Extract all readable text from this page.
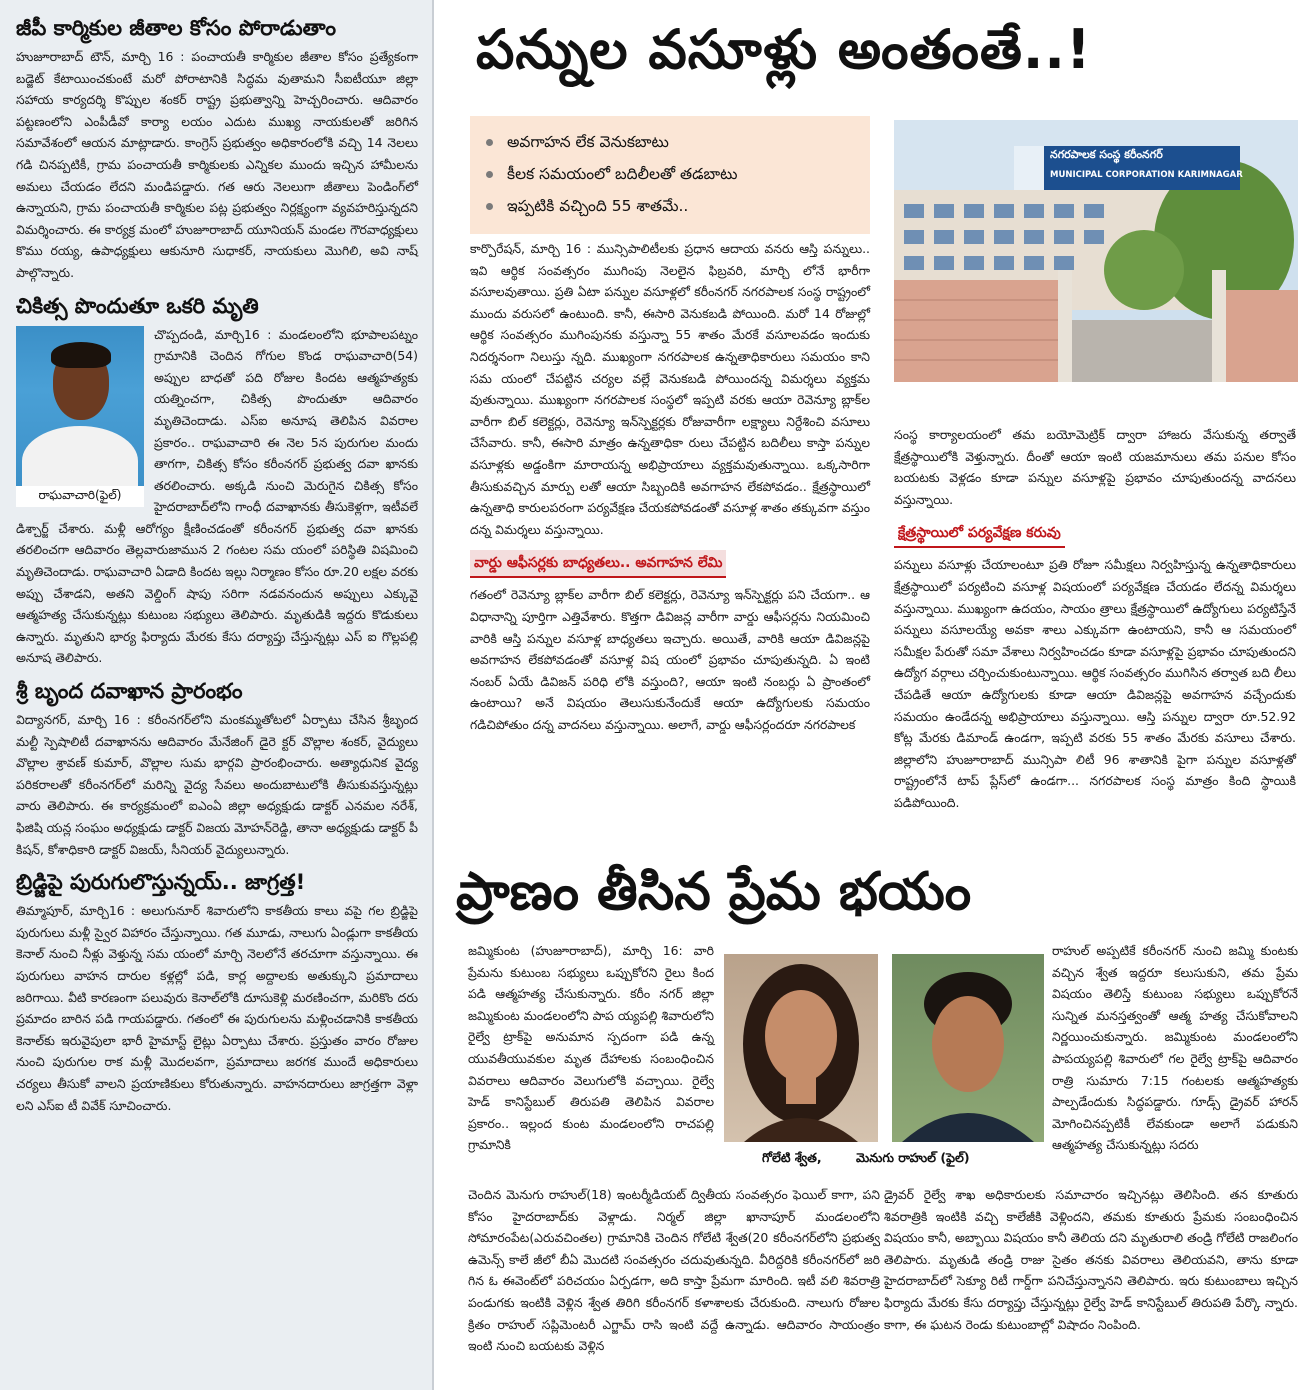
జీపీ కార్మికుల జీతాల కోసం పోరాడుతాం

హుజూరాబాద్ టౌన్, మార్చి 16 : పంచాయతీ కార్మికుల జీతాల కోసం ప్రత్యేకంగా బడ్జెట్ కేటాయించకుంటే మరో పోరాటానికి సిద్ధమ వుతామని సీఐటీయూ జిల్లా సహాయ కార్యదర్శి కొప్పుల శంకర్ రాష్ట్ర ప్రభుత్వాన్ని హెచ్చరించారు. ఆదివారం పట్టణంలోని ఎంపీడీవో కార్యా లయం ఎదుట ముఖ్య నాయకులతో జరిగిన సమావేశంలో ఆయన మాట్లాడారు. కాంగ్రెస్ ప్రభుత్వం అధికారంలోకి వచ్చి 14 నెలలు గడి చినప్పటికీ, గ్రామ పంచాయతీ కార్మికులకు ఎన్నికల ముందు ఇచ్చిన హామీలను అమలు చేయడం లేదని మండిపడ్డారు. గత ఆరు నెలలుగా జీతాలు పెండింగ్‌లో ఉన్నాయని, గ్రామ పంచాయతీ కార్మికుల పట్ల ప్రభుత్వం నిర్లక్ష్యంగా వ్యవహరిస్తున్నదని విమర్శించారు. ఈ కార్యక్ర మంలో హుజూరాబాద్ యూనియన్ మండల గౌరవాధ్యక్షులు కొము రయ్య, ఉపాధ్యక్షులు ఆకునూరి సుధాకర్, నాయకులు మొగిలి, అవి నాష్ పాల్గొన్నారు.

చికిత్స పొందుతూ ఒకరి మృతి
రాఘవాచారి(ఫైల్)

చొప్పదండి, మార్చి16 : మండలంలోని భూపాలపట్నం గ్రామానికి చెందిన గోగుల కొండ రాఘవాచారి(54) అప్పుల బాధతో పది రోజుల కిందట ఆత్మహత్యకు యత్నించగా, చికిత్స పొందుతూ ఆదివారం మృతిచెందాడు. ఎస్ఐ అనూష తెలిపిన వివరాల ప్రకారం.. రాఘవాచారి ఈ నెల 5న పురుగుల మందు తాగగా, చికిత్స కోసం కరీంనగర్ ప్రభుత్వ దవా ఖానకు తరలించారు. అక్కడి నుంచి మెరుగైన చికిత్స కోసం హైదరాబాద్‌లోని గాంధీ దవాఖానకు తీసుకెళ్లగా, ఇటీవలే డిశ్చార్జ్ చేశారు. మళ్లీ ఆరోగ్యం క్షీణించడంతో కరీంనగర్ ప్రభుత్వ దవా ఖానకు తరలించగా ఆదివారం తెల్లవారుజామున 2 గంటల సమ యంలో పరిస్థితి విషమించి మృతిచెందాడు. రాఘవాచారి ఏడాది కిందట ఇల్లు నిర్మాణం కోసం రూ.20 లక్షల వరకు అప్పు చేశాడని, అతని వెల్డింగ్ షాపు సరిగా నడవనందున అప్పులు ఎక్కువై ఆత్మహత్య చేసుకున్నట్లు కుటుంబ సభ్యులు తెలిపారు. మృతుడికి ఇద్దరు కొడుకులు ఉన్నారు. మృతుని భార్య ఫిర్యాదు మేరకు కేసు దర్యాప్తు చేస్తున్నట్లు ఎస్ ఐ గొల్లపల్లి అనూష తెలిపారు.

శ్రీ బృంద దవాఖాన ప్రారంభం

విద్యానగర్, మార్చి 16 : కరీంనగర్‌లోని మంకమ్మతోటలో ఏర్పాటు చేసిన శ్రీబృంద మల్టీ స్పెషాలిటీ దవాఖానను ఆదివారం మేనేజింగ్ డైరె క్టర్ వొల్లాల శంకర్, వైద్యులు వొల్లాల శ్రావణ్ కుమార్, వొల్లాల సుమ భార్గవి ప్రారంభించారు. అత్యాధునిక వైద్య పరికరాలతో కరీంనగర్‌లో మరిన్ని వైద్య సేవలు అందుబాటులోకి తీసుకువస్తున్నట్లు వారు తెలిపారు. ఈ కార్యక్రమంలో ఐఎంఏ జిల్లా అధ్యక్షుడు డాక్టర్ ఎనమల నరేశ్, ఫిజిషి యన్ల సంఘం అధ్యక్షుడు డాక్టర్ విజయ మోహన్‌రెడ్డి, తానా అధ్యక్షుడు డాక్టర్ పీ కిషన్, కోశాధికారి డాక్టర్ విజయ్, సీనియర్ వైద్యులున్నారు.

బ్రిడ్జిపై పురుగులొస్తున్నయ్.. జాగ్రత్త!

తిమ్మాపూర్, మార్చి16 : అలుగునూర్ శివారులోని కాకతీయ కాలు వపై గల బ్రిడ్జిపై పురుగులు మళ్లీ స్వైర విహారం చేస్తున్నాయి. గత మూడు, నాలుగు ఏండ్లుగా కాకతీయ కెనాల్ నుంచి నీళ్లు వెళ్తున్న సమ యంలో మార్చి నెలలోనే తరచూగా వస్తున్నాయి. ఈ పురుగులు వాహన దారుల కళ్లల్లో పడి, కార్ల అద్దాలకు అతుక్కుని ప్రమాదాలు జరిగాయి. వీటి కారణంగా పలువురు కెనాల్‌లోకి దూసుకెళ్లి మరణించగా, మరికొం దరు ప్రమాదం బారిన పడి గాయపడ్డారు. గతంలో ఈ పురుగులను మళ్లించడానికి కాకతీయ కెనాల్‌కు ఇరువైపులా భారీ హైమాస్ట్ లైట్లు ఏర్పాటు చేశారు. ప్రస్తుతం వారం రోజుల నుంచి పురుగుల రాక మళ్లీ మొదలవగా, ప్రమాదాలు జరగక ముందే అధికారులు చర్యలు తీసుకో వాలని ప్రయాణికులు కోరుతున్నారు. వాహనదారులు జాగ్రత్తగా వెళ్లా లని ఎస్ఐ టీ వివేక్ సూచించారు.

పన్నుల వసూళ్లు అంతంతే..!
అవగాహన లేక వెనుకబాటు
కీలక సమయంలో బదిలీలతో తడబాటు
ఇప్పటికి వచ్చింది 55 శాతమే..
నగరపాలక సంస్థ కరీంనగర్
MUNICIPAL CORPORATION KARIMNAGAR

కార్పొరేషన్, మార్చి 16 : మున్సిపాలిటీలకు ప్రధాన ఆదాయ వనరు ఆస్తి పన్నులు.. ఇవి ఆర్థిక సంవత్సరం ముగింపు నెలలైన ఫిబ్రవరి, మార్చి లోనే భారీగా వసూలవుతాయి. ప్రతి ఏటా పన్నుల వసూళ్లలో కరీంనగర్ నగరపాలక సంస్థ రాష్ట్రంలో ముందు వరుసలో ఉంటుంది. కానీ, ఈసారి వెనుకబడి పోయింది. మరో 14 రోజుల్లో ఆర్థిక సంవత్సరం ముగింపునకు వస్తున్నా 55 శాతం మేరకే వసూలవడం ఇందుకు నిదర్శనంగా నిలుస్తు న్నది. ముఖ్యంగా నగరపాలక ఉన్నతాధికారులు సమయం కాని సమ యంలో చేపట్టిన చర్యల వల్లే వెనుకబడి పోయిందన్న విమర్శలు వ్యక్తమ వుతున్నాయి. ముఖ్యంగా నగరపాలక సంస్థలో ఇప్పటి వరకు ఆయా రెవెన్యూ బ్లాక్‌ల వారీగా బిల్ కలెక్టర్లు, రెవెన్యూ ఇన్‌స్పెక్టర్లకు రోజువారీగా లక్ష్యాలు నిర్దేశించి వసూలు చేసేవారు. కానీ, ఈసారి మాత్రం ఉన్నతాధికా రులు చేపట్టిన బదిలీలు కాస్తా పన్నుల వసూళ్లకు అడ్డంకిగా మారాయన్న అభిప్రాయాలు వ్యక్తమవుతున్నాయి. ఒక్కసారిగా తీసుకువచ్చిన మార్పు లతో ఆయా సిబ్బందికి అవగాహన లేకపోవడం.. క్షేత్రస్థాయిలో ఉన్నతాధి కారులపరంగా పర్యవేక్షణ చేయకపోవడంతో వసూళ్ల శాతం తక్కువగా వస్తుం దన్న విమర్శలు వస్తున్నాయి.

వార్డు ఆఫీసర్లకు బాధ్యతలు.. అవగాహన లేమి

గతంలో రెవెన్యూ బ్లాక్‌ల వారీగా బిల్ కలెక్టర్లు, రెవెన్యూ ఇన్‌స్పెక్టర్లు పని చేయగా.. ఆ విధానాన్ని పూర్తిగా ఎత్తివేశారు. కొత్తగా డివిజన్ల వారీగా వార్డు ఆఫీసర్లను నియమించి వారికి ఆస్తి పన్నుల వసూళ్ల బాధ్యతలు ఇచ్చారు. అయితే, వారికి ఆయా డివిజన్లపై అవగాహన లేకపోవడంతో వసూళ్ల విష యంలో ప్రభావం చూపుతున్నది. ఏ ఇంటి నంబర్ ఏయే డివిజన్ పరిధి లోకి వస్తుంది?, ఆయా ఇంటి నంబర్లు ఏ ప్రాంతంలో ఉంటాయి? అనే విషయం తెలుసుకునేందుకే ఆయా ఉద్యోగులకు సమయం గడిచిపోతుం దన్న వాదనలు వస్తున్నాయి. అలాగే, వార్డు ఆఫీసర్లందరూ నగరపాలక

సంస్థ కార్యాలయంలో తమ బయోమెట్రిక్ ద్వారా హాజరు వేసుకున్న తర్వాతే క్షేత్రస్థాయిలోకి వెళ్తున్నారు. దీంతో ఆయా ఇంటి యజమానులు తమ పనుల కోసం బయటకు వెళ్లడం కూడా పన్నుల వసూళ్లపై ప్రభావం చూపుతుందన్న వాదనలు వస్తున్నాయి.

క్షేత్రస్థాయిలో పర్యవేక్షణ కరువు

పన్నులు వసూళ్లు చేయాలంటూ ప్రతి రోజూ సమీక్షలు నిర్వహిస్తున్న ఉన్నతాధికారులు క్షేత్రస్థాయిలో పర్యటించి వసూళ్ల విషయంలో పర్యవేక్షణ చేయడం లేదన్న విమర్శలు వస్తున్నాయి. ముఖ్యంగా ఉదయం, సాయం త్రాలు క్షేత్రస్థాయిలో ఉద్యోగులు పర్యటిస్తేనే పన్నులు వసూలయ్యే అవకా శాలు ఎక్కువగా ఉంటాయని, కానీ ఆ సమయంలో సమీక్షల పేరుతో సమా వేశాలు నిర్వహించడం కూడా వసూళ్లపై ప్రభావం చూపుతుందని ఉద్యోగ వర్గాలు చర్చించుకుంటున్నాయి. ఆర్థిక సంవత్సరం ముగిసిన తర్వాత బది లీలు చేపడితే ఆయా ఉద్యోగులకు కూడా ఆయా డివిజన్లపై అవగాహన వచ్చేందుకు సమయం ఉండేదన్న అభిప్రాయాలు వస్తున్నాయి. ఆస్తి పన్నుల ద్వారా రూ.52.92 కోట్ల మేరకు డిమాండ్ ఉండగా, ఇప్పటి వరకు 55 శాతం మేరకు వసూలు చేశారు. జిల్లాలోని హుజూరాబాద్ మున్సిపా లిటీ 96 శాతానికి పైగా పన్నుల వసూళ్లతో రాష్ట్రంలోనే టాప్ ప్లేస్‌లో ఉండగా... నగరపాలక సంస్థ మాత్రం కింది స్థాయికి పడిపోయింది.

ప్రాణం తీసిన ప్రేమ భయం

జమ్మికుంట (హుజూరాబాద్), మార్చి 16: వారి ప్రేమను కుటుంబ సభ్యులు ఒప్పుకోరని రైలు కింద పడి ఆత్మహత్య చేసుకున్నారు. కరీం నగర్ జిల్లా జమ్మికుంట మండలంలోని పాప య్యపల్లి శివారులోని రైల్వే ట్రాక్‌పై అనుమాన స్పదంగా పడి ఉన్న యువతీయువకుల మృత దేహాలకు సంబంధించిన వివరాలు ఆదివారం వెలుగులోకి వచ్చాయి. రైల్వే హెడ్ కానిస్టేబుల్ తిరుపతి తెలిపిన వివరాల ప్రకారం.. ఇల్లంద కుంట మండలంలోని రాచపల్లి గ్రామానికి

గోలేటి శ్వేత,	మెనుగు రాహుల్ (ఫైల్)

రాహుల్ అప్పటికే కరీంనగర్ నుంచి జమ్మి కుంటకు వచ్చిన శ్వేత ఇద్దరూ కలుసుకుని, తమ ప్రేమ విషయం తెలిస్తే కుటుంబ సభ్యులు ఒప్పుకోరనే సున్నిత మనస్తత్వంతో ఆత్మ హత్య చేసుకోవాలని నిర్ణయించుకున్నారు. జమ్మికుంట మండలంలోని పాపయ్యపల్లి శివారులో గల రైల్వే ట్రాక్‌పై ఆదివారం రాత్రి సుమారు 7:15 గంటలకు ఆత్మహత్యకు పాల్పడేందుకు సిద్ధపడ్డారు. గూడ్స్ డ్రైవర్ హారన్ మోగించినప్పటికీ లేవకుండా అలాగే పడుకుని ఆత్మహత్య చేసుకున్నట్లు సదరు

చెందిన మెనుగు రాహుల్(18) ఇంటర్మీడియట్ ద్వితీయ సంవత్సరం ఫెయిల్ కాగా, పని కోసం హైదరాబాద్‌కు వెళ్లాడు. నిర్మల్ జిల్లా ఖానాపూర్ మండలంలోని సోమారంపేట(ఎరువచింతల) గ్రామానికి చెందిన గోలేటి శ్వేత(20 కరీంనగర్‌లోని ప్రభుత్వ ఉమెన్స్ కాలే జీలో బీఏ మొదటి సంవత్సరం చదువుతున్నది. వీరిద్దరికి కరీంనగర్‌లో జరి గిన ఓ ఈవెంట్‌లో పరిచయం ఏర్పడగా, అది కాస్తా ప్రేమగా మారింది. ఇటీ వలి శివరాత్రి పండుగకు ఇంటికి వెళ్లిన శ్వేత తిరిగి కరీంనగర్ కళాశాలకు చేరుకుంది. నాలుగు రోజుల క్రితం రాహుల్ సప్లిమెంటరీ ఎగ్జామ్ రాసి ఇంటి వద్దే ఉన్నాడు. ఆదివారం సాయంత్రం ఇంటి నుంచి బయటకు వెళ్లిన

డ్రైవర్ రైల్వే శాఖ అధికారులకు సమాచారం ఇచ్చినట్లు తెలిసింది. తన కూతురు శివరాత్రికి ఇంటికి వచ్చి కాలేజీకి వెళ్లిందని, తమకు కూతురు ప్రేమకు సంబంధించిన విషయం కానీ, అబ్బాయి విషయం కానీ తెలియ దని మృతురాలి తండ్రి గోలేటి రాజలింగం తెలిపారు. మృతుడి తండ్రి రాజు సైతం తనకు వివరాలు తెలియవని, తాను కూడా హైదరాబాద్‌లో సెక్యూ రిటీ గార్డ్‌గా పనిచేస్తున్నానని తెలిపారు. ఇరు కుటుంబాలు ఇచ్చిన ఫిర్యాదు మేరకు కేసు దర్యాప్తు చేస్తున్నట్లు రైల్వే హెడ్ కానిస్టేబుల్ తిరుపతి పేర్కొ న్నారు. కాగా, ఈ ఘటన రెండు కుటుంబాల్లో విషాదం నింపింది.
